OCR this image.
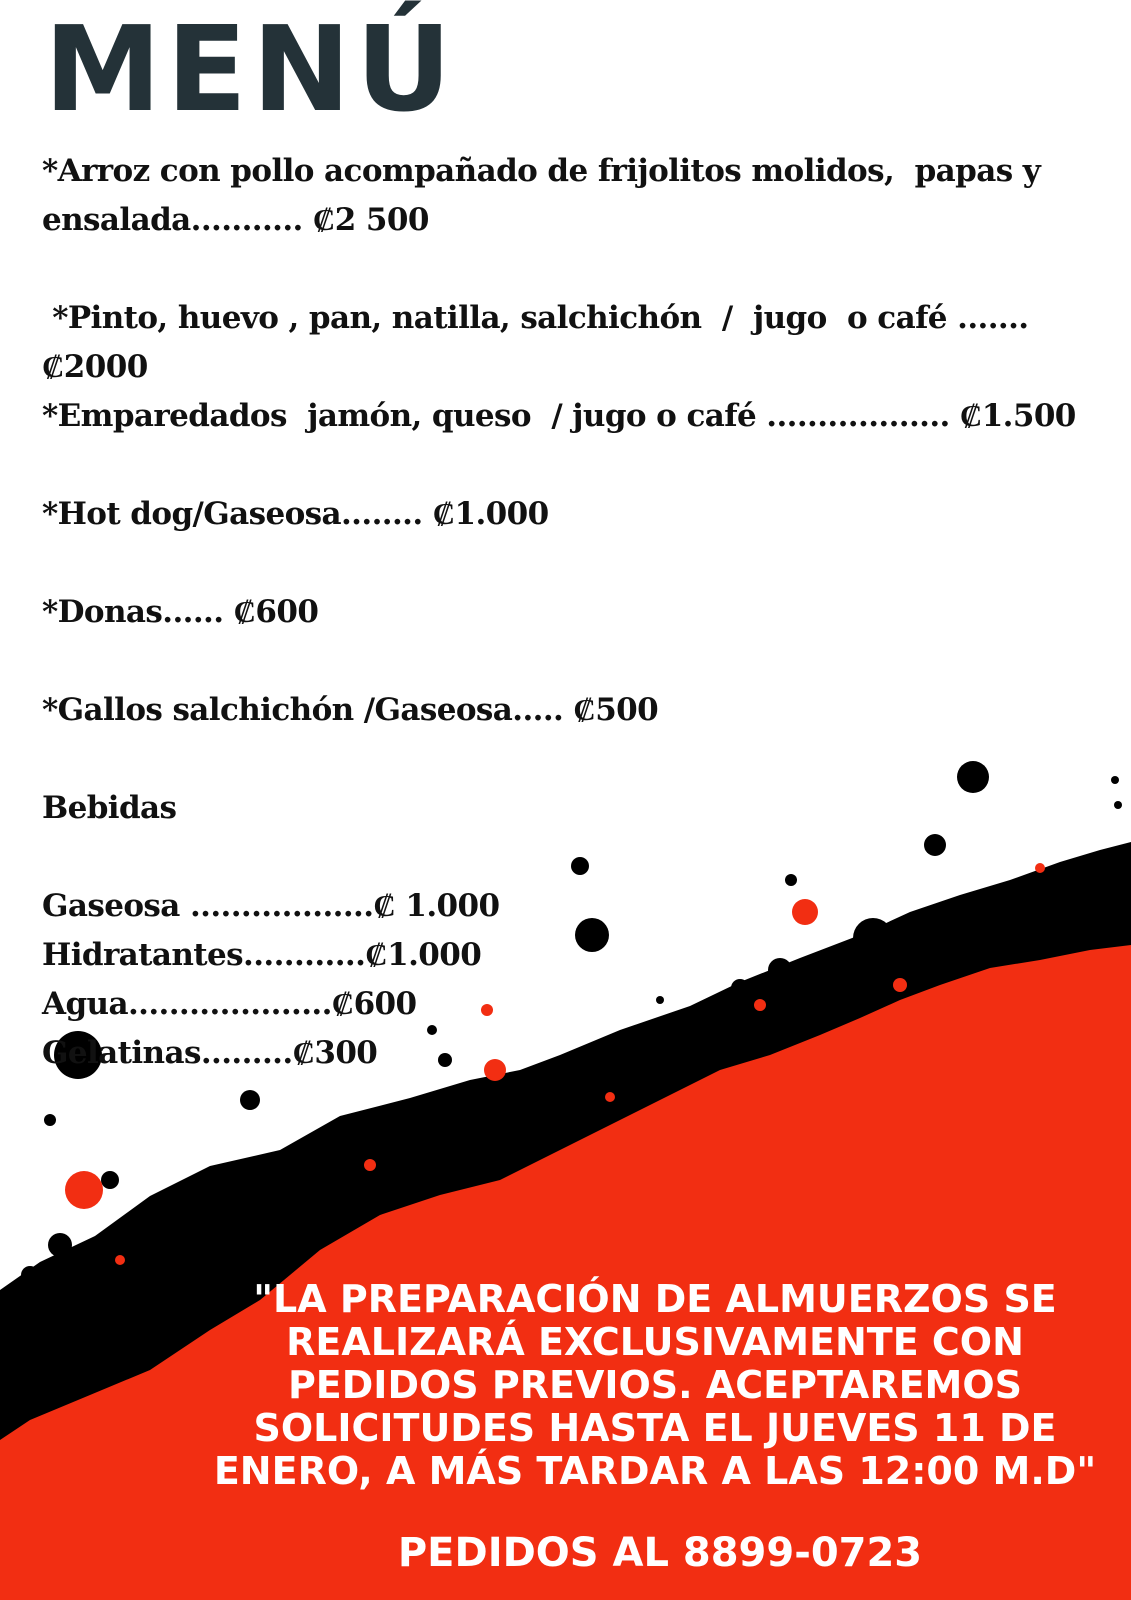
MENÚ
*Arroz con pollo acompañado de frijolitos molidos,  papas y
ensalada........... ₡2 500
*Pinto, huevo , pan, natilla, salchichón  /  jugo  o café .......₡2000
*Emparedados  jamón, queso  / jugo o café .................. ₡1.500
*Hot dog/Gaseosa........ ₡1.000
*Donas...... ₡600
*Gallos salchichón /Gaseosa..... ₡500
Bebidas
Gaseosa ..................₡ 1.000
Hidratantes............₡1.000
Agua....................₡600
Gelatinas.........₡300

"LA PREPARACIÓN DE ALMUERZOS SE REALIZARÁ EXCLUSIVAMENTE CON PEDIDOS PREVIOS. ACEPTAREMOS SOLICITUDES HASTA EL JUEVES 11 DE ENERO, A MÁS TARDAR A LAS 12:00 M.D"

PEDIDOS AL 8899-0723
